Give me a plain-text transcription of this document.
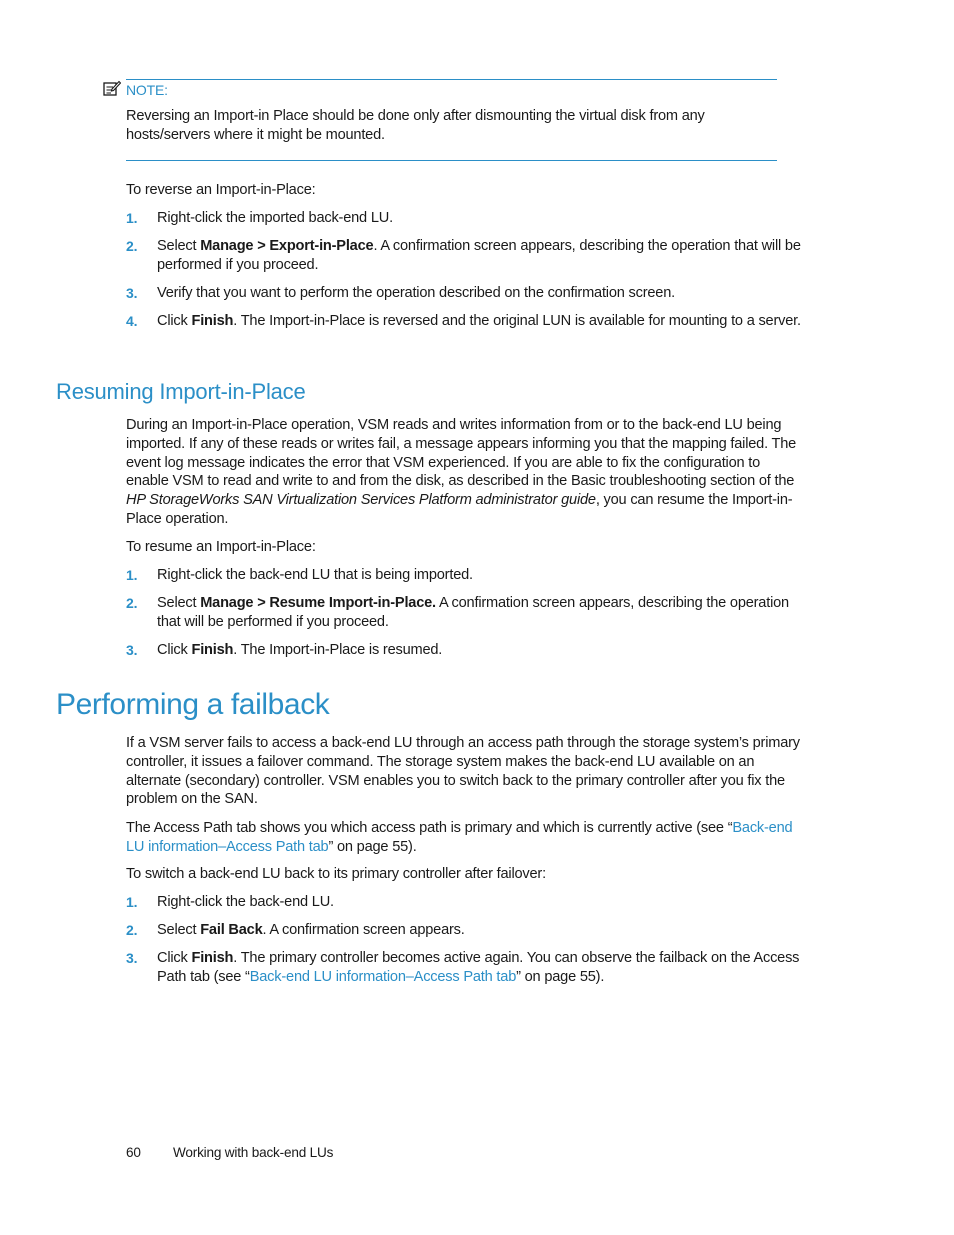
NOTE:

Reversing an Import-in Place should be done only after dismounting the virtual disk from any hosts/servers where it might be mounted.

To reverse an Import-in-Place:

1. Right-click the imported back-end LU.
2. Select Manage > Export-in-Place. A confirmation screen appears, describing the operation that will be performed if you proceed.
3. Verify that you want to perform the operation described on the confirmation screen.
4. Click Finish. The Import-in-Place is reversed and the original LUN is available for mounting to a server.
Resuming Import-in-Place

During an Import-in-Place operation, VSM reads and writes information from or to the back-end LU being imported. If any of these reads or writes fail, a message appears informing you that the mapping failed. The event log message indicates the error that VSM experienced. If you are able to fix the configuration to enable VSM to read and write to and from the disk, as described in the Basic troubleshooting section of the HP StorageWorks SAN Virtualization Services Platform administrator guide, you can resume the Import-in-Place operation.

To resume an Import-in-Place:

1. Right-click the back-end LU that is being imported.
2. Select Manage > Resume Import-in-Place. A confirmation screen appears, describing the operation that will be performed if you proceed.
3. Click Finish. The Import-in-Place is resumed.
Performing a failback

If a VSM server fails to access a back-end LU through an access path through the storage system’s primary controller, it issues a failover command. The storage system makes the back-end LU available on an alternate (secondary) controller. VSM enables you to switch back to the primary controller after you fix the problem on the SAN.

The Access Path tab shows you which access path is primary and which is currently active (see “Back-end LU information–Access Path tab” on page 55).

To switch a back-end LU back to its primary controller after failover:

1. Right-click the back-end LU.
2. Select Fail Back. A confirmation screen appears.
3. Click Finish. The primary controller becomes active again. You can observe the failback on the Access Path tab (see “Back-end LU information–Access Path tab” on page 55).
60 Working with back-end LUs
